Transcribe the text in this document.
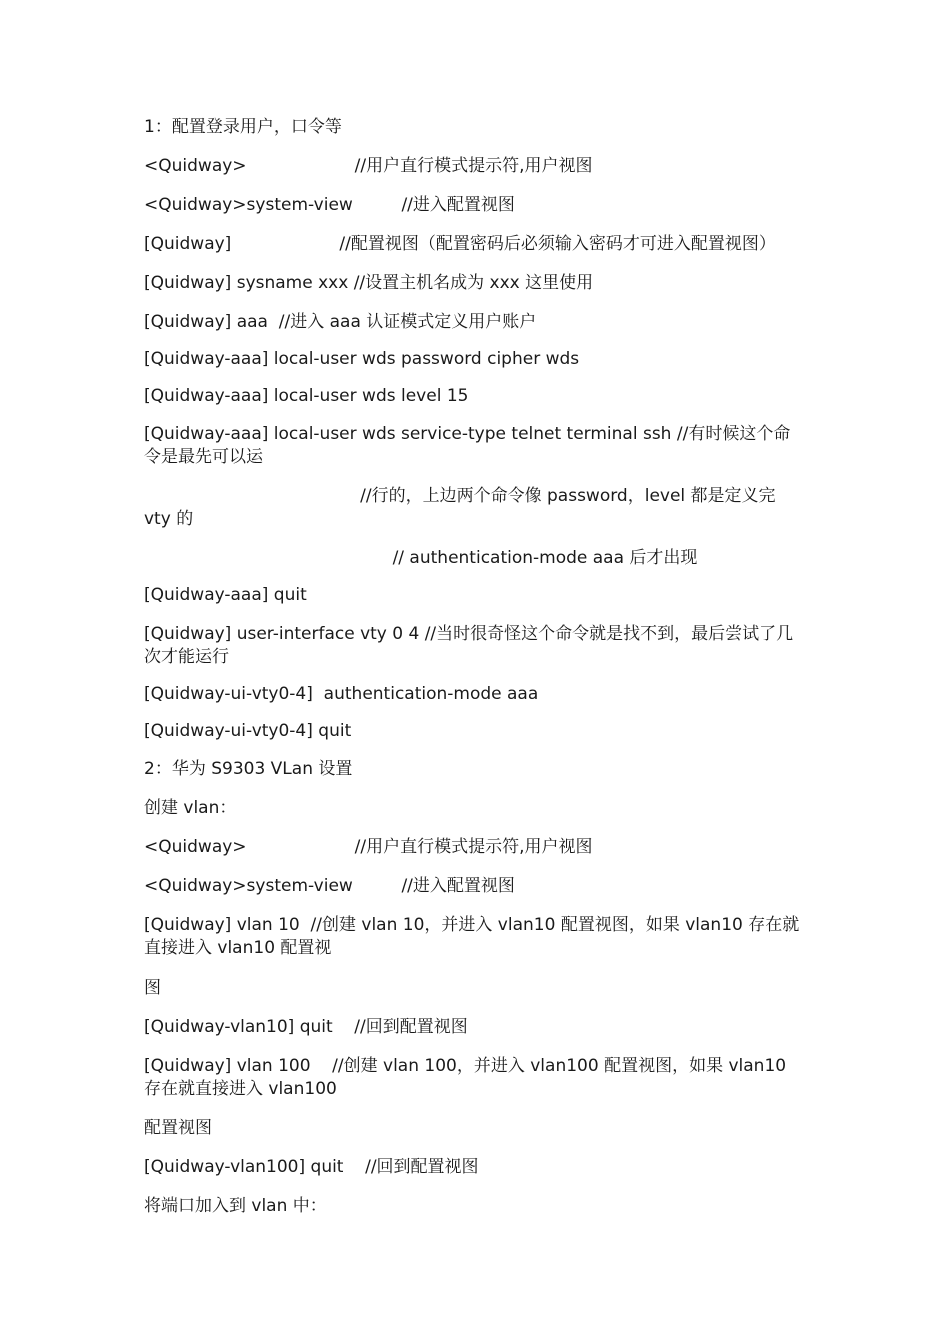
1：配置登录用户，口令等

<Quidway>                    //用户直行模式提示符,用户视图

<Quidway>system-view         //进入配置视图

[Quidway]                    //配置视图（配置密码后必须输入密码才可进入配置视图）

[Quidway] sysname xxx //设置主机名成为 xxx 这里使用

[Quidway] aaa  //进入 aaa 认证模式定义用户账户

[Quidway-aaa] local-user wds password cipher wds

[Quidway-aaa] local-user wds level 15

[Quidway-aaa] local-user wds service-type telnet terminal ssh //有时候这个命令是最先可以运

//行的，上边两个命令像 password，level 都是定义完 vty 的

// authentication-mode aaa 后才出现

[Quidway-aaa] quit

[Quidway] user-interface vty 0 4 //当时很奇怪这个命令就是找不到，最后尝试了几次才能运行

[Quidway-ui-vty0-4]  authentication-mode aaa

[Quidway-ui-vty0-4] quit

2：华为 S9303 VLan 设置

创建 vlan：

<Quidway>                    //用户直行模式提示符,用户视图

<Quidway>system-view         //进入配置视图

[Quidway] vlan 10  //创建 vlan 10，并进入 vlan10 配置视图，如果 vlan10 存在就直接进入 vlan10 配置视

图

[Quidway-vlan10] quit    //回到配置视图

[Quidway] vlan 100    //创建 vlan 100，并进入 vlan100 配置视图，如果 vlan10 存在就直接进入 vlan100

配置视图

[Quidway-vlan100] quit    //回到配置视图

将端口加入到 vlan 中：
